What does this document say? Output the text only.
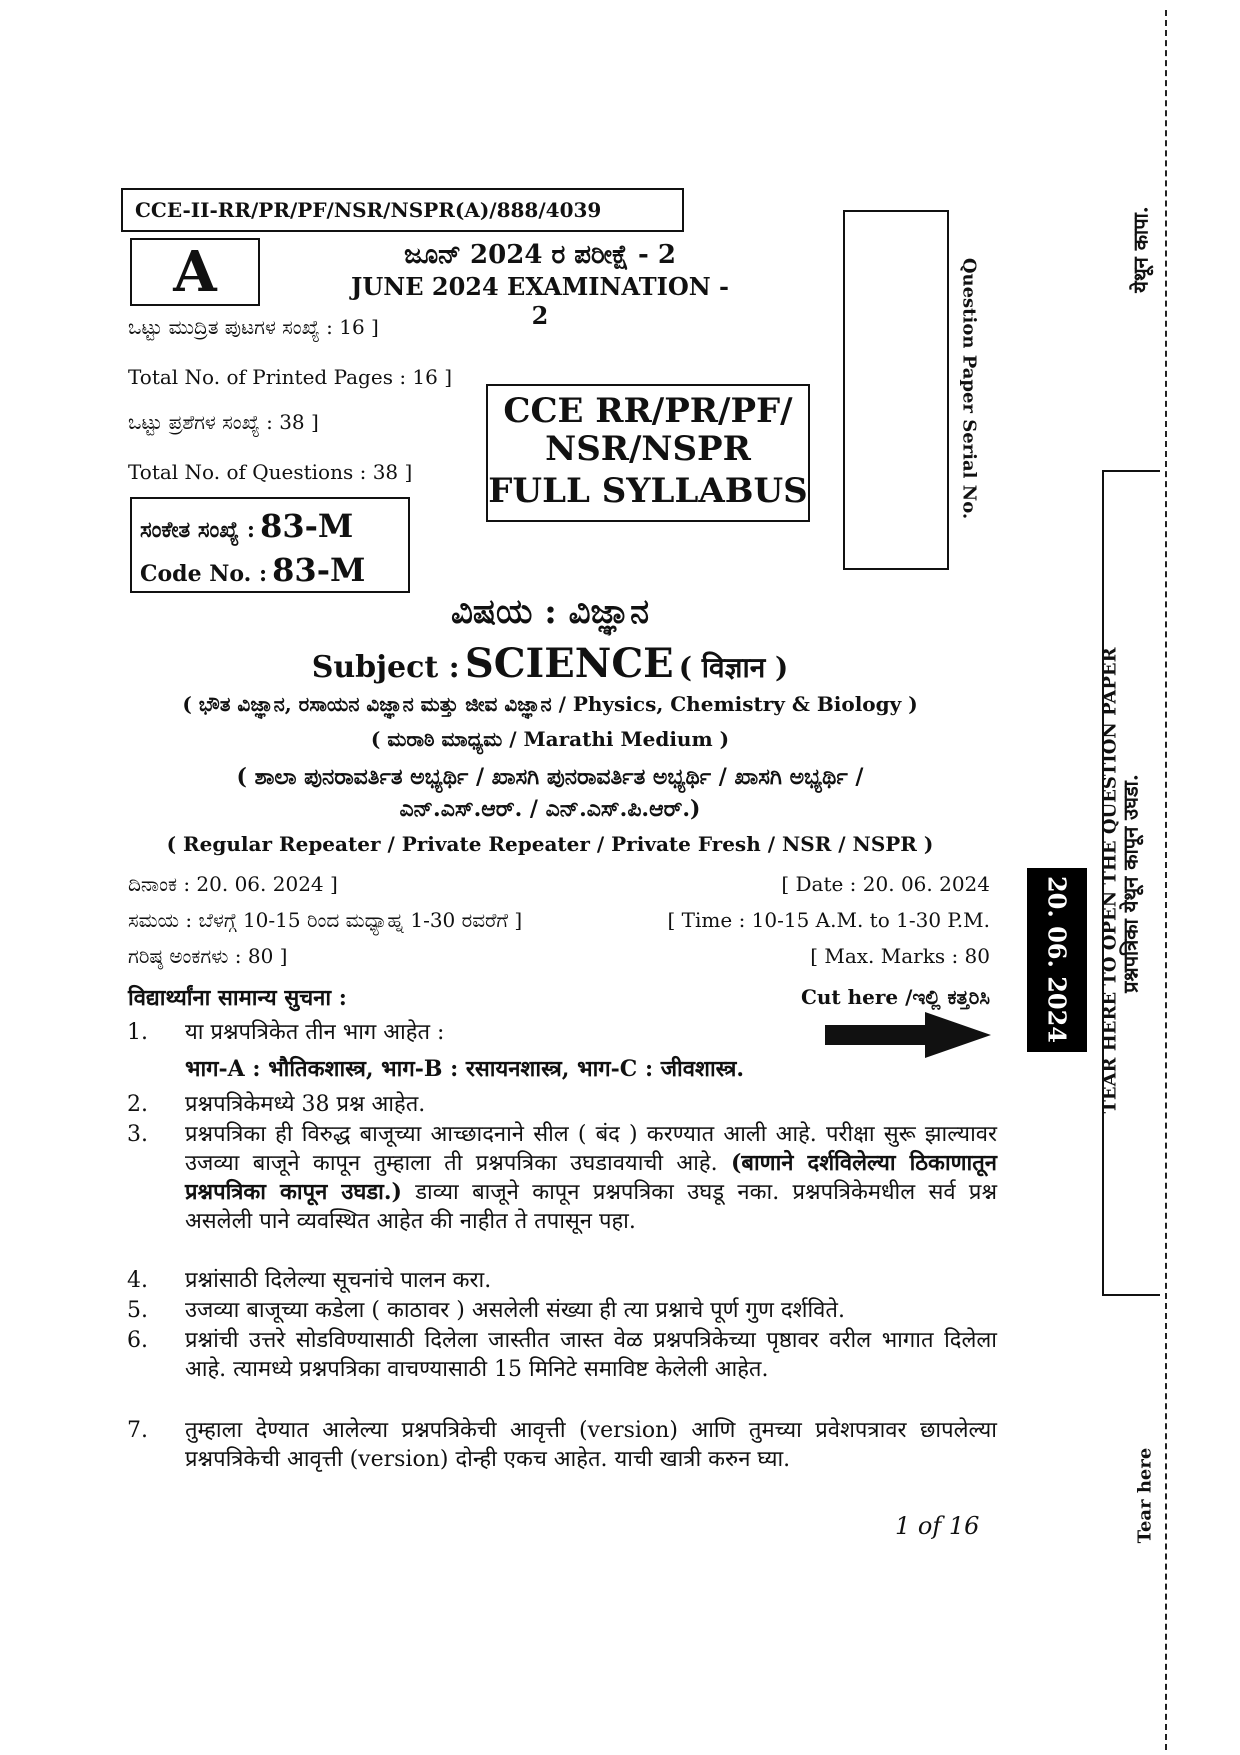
CCE-II-RR/PR/PF/NSR/NSPR(A)/888/4039
A	ಜೂನ್ 2024 ರ ಪರೀಕ್ಷೆ - 2
JUNE 2024 EXAMINATION - 2
ಒಟ್ಟು ಮುದ್ರಿತ ಪುಟಗಳ ಸಂಖ್ಯೆ : 16 ]
Total No. of Printed Pages : 16 ]
ಒಟ್ಟು ಪ್ರಶೆಗಳ ಸಂಖ್ಯೆ : 38 ]
Total No. of Questions : 38 ]
ಸಂಕೇತ ಸಂಖ್ಯೆ : 83-M
Code No. : 83-M
CCE RR/PR/PF/
NSR/NSPR
FULL SYLLABUS	Question Paper Serial No.
ವಿಷಯ : ವಿಜ್ಞಾನ
Subject : SCIENCE ( विज्ञान )
( ಭೌತ ವಿಜ್ಞಾನ, ರಸಾಯನ ವಿಜ್ಞಾನ ಮತ್ತು ಜೀವ ವಿಜ್ಞಾನ / Physics, Chemistry & Biology )
( ಮರಾಠಿ ಮಾಧ್ಯಮ / Marathi Medium )
( ಶಾಲಾ ಪುನರಾವರ್ತಿತ ಅಭ್ಯರ್ಥಿ / ಖಾಸಗಿ ಪುನರಾವರ್ತಿತ ಅಭ್ಯರ್ಥಿ / ಖಾಸಗಿ ಅಭ್ಯರ್ಥಿ /
ಎನ್.ಎಸ್.ಆರ್. / ಎನ್.ಎಸ್.ಪಿ.ಆರ್.)
( Regular Repeater / Private Repeater / Private Fresh / NSR / NSPR )
ದಿನಾಂಕ : 20. 06. 2024 ]	[ Date : 20. 06. 2024
ಸಮಯ : ಬೆಳಗ್ಗೆ 10-15 ರಿಂದ ಮಧ್ಯಾಹ್ನ 1-30 ರವರೆಗೆ ]	[ Time : 10-15 A.M. to 1-30 P.M.
ಗರಿಷ್ಠ ಅಂಕಗಳು : 80 ]	[ Max. Marks : 80
विद्यार्थ्यांना सामान्य सुचना :	Cut here /ಇಲ್ಲಿ ಕತ್ತರಿಸಿ
1. या प्रश्नपत्रिकेत तीन भाग आहेत :
भाग-A : भौतिकशास्त्र, भाग-B : रसायनशास्त्र, भाग-C : जीवशास्त्र.
2. प्रश्नपत्रिकेमध्ये 38 प्रश्न आहेत.
3. प्रश्नपत्रिका ही विरुद्ध बाजूच्या आच्छादनाने सील ( बंद ) करण्यात आली आहे. परीक्षा सुरू झाल्यावर उजव्या बाजूने कापून तुम्हाला ती प्रश्नपत्रिका उघडावयाची आहे. (बाणाने दर्शविलेल्या ठिकाणातून प्रश्नपत्रिका कापून उघडा.) डाव्या बाजूने कापून प्रश्नपत्रिका उघडू नका. प्रश्नपत्रिकेमधील सर्व प्रश्न असलेली पाने व्यवस्थित आहेत की नाहीत ते तपासून पहा.
4. प्रश्नांसाठी दिलेल्या सूचनांचे पालन करा.
5. उजव्या बाजूच्या कडेला ( काठावर ) असलेली संख्या ही त्या प्रश्नाचे पूर्ण गुण दर्शविते.
6. प्रश्नांची उत्तरे सोडविण्यासाठी दिलेला जास्तीत जास्त वेळ प्रश्नपत्रिकेच्या पृष्ठावर वरील भागात दिलेला आहे. त्यामध्ये प्रश्नपत्रिका वाचण्यासाठी 15 मिनिटे समाविष्ट केलेली आहेत.
7. तुम्हाला देण्यात आलेल्या प्रश्नपत्रिकेची आवृत्ती (version) आणि तुमच्या प्रवेशपत्रावर छापलेल्या प्रश्नपत्रिकेची आवृत्ती (version) दोन्ही एकच आहेत. याची खात्री करुन घ्या.
1 of 16
20. 06. 2024 TEAR HERE TO OPEN THE QUESTION PAPER
प्रश्नपत्रिका येथून कापून उघडा.
येथून कापा.
Tear here
